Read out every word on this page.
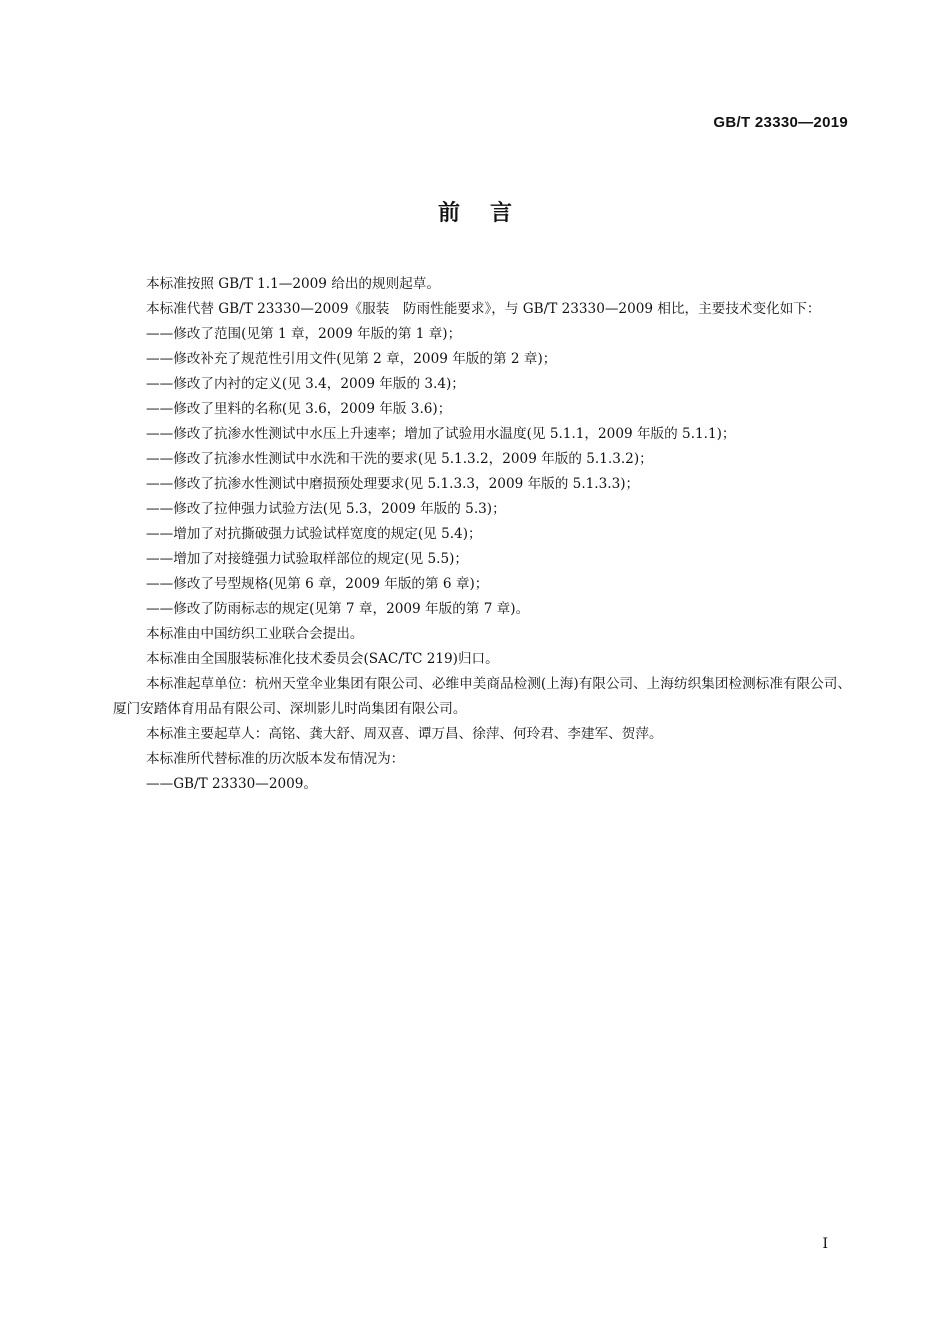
GB/T 23330—2019
前言

本标准按照 GB/T 1.1—2009 给出的规则起草。

本标准代替 GB/T 23330—2009《服装　防雨性能要求》，与 GB/T 23330—2009 相比，主要技术变化如下：

——修改了范围(见第 1 章，2009 年版的第 1 章)；

——修改补充了规范性引用文件(见第 2 章，2009 年版的第 2 章)；

——修改了内衬的定义(见 3.4，2009 年版的 3.4)；

——修改了里料的名称(见 3.6，2009 年版 3.6)；

——修改了抗渗水性测试中水压上升速率；增加了试验用水温度(见 5.1.1，2009 年版的 5.1.1)；

——修改了抗渗水性测试中水洗和干洗的要求(见 5.1.3.2，2009 年版的 5.1.3.2)；

——修改了抗渗水性测试中磨损预处理要求(见 5.1.3.3，2009 年版的 5.1.3.3)；

——修改了拉伸强力试验方法(见 5.3，2009 年版的 5.3)；

——增加了对抗撕破强力试验试样宽度的规定(见 5.4)；

——增加了对接缝强力试验取样部位的规定(见 5.5)；

——修改了号型规格(见第 6 章，2009 年版的第 6 章)；

——修改了防雨标志的规定(见第 7 章，2009 年版的第 7 章)。

本标准由中国纺织工业联合会提出。

本标准由全国服装标准化技术委员会(SAC/TC 219)归口。

本标准起草单位：杭州天堂伞业集团有限公司、必维申美商品检测(上海)有限公司、上海纺织集团检测标准有限公司、厦门安踏体育用品有限公司、深圳影儿时尚集团有限公司。

本标准主要起草人：高铭、龚大舒、周双喜、谭万昌、徐萍、何玲君、李建军、贺萍。

本标准所代替标准的历次版本发布情况为：

——GB/T 23330—2009。

I
